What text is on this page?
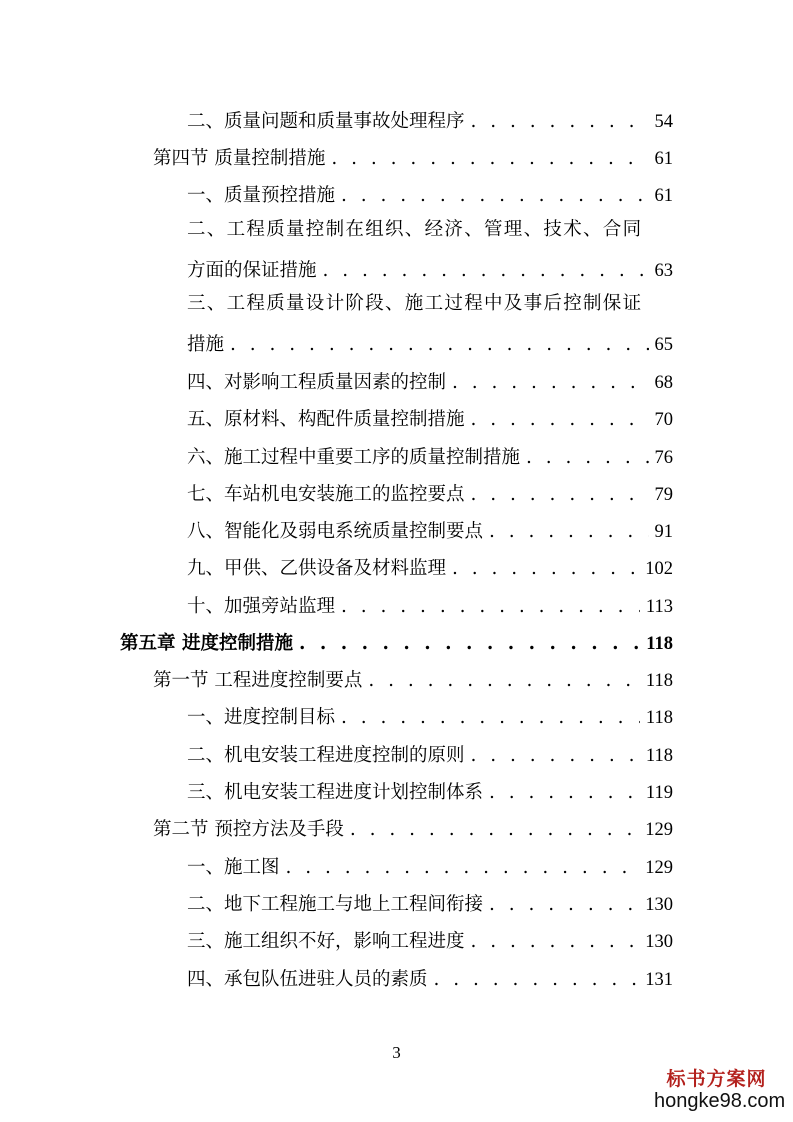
二、质量问题和质量事故处理程序 . . .	54
第四节 质量控制措施 . . .	61
一、质量预控措施 . . .	61
二、工程质量控制在组织、经济、管理、技术、合同
方面的保证措施 . . .	63
三、工程质量设计阶段、施工过程中及事后控制保证
措施 . . .	65
四、对影响工程质量因素的控制 . . .	68
五、原材料、构配件质量控制措施 . . .	70
六、施工过程中重要工序的质量控制措施 . . .	76
七、车站机电安装施工的监控要点 . . .	79
八、智能化及弱电系统质量控制要点 . . .	91
九、甲供、乙供设备及材料监理 . . .	102
十、加强旁站监理 . . .	113
第五章 进度控制措施 . . .	118
第一节 工程进度控制要点 . . .	118
一、进度控制目标 . . .	118
二、机电安装工程进度控制的原则 . . .	118
三、机电安装工程进度计划控制体系 . . .	119
第二节 预控方法及手段 . . .	129
一、施工图 . . .	129
二、地下工程施工与地上工程间衔接 . . .	130
三、施工组织不好，影响工程进度 . . .	130
四、承包队伍进驻人员的素质 . . .	131
3
标书方案网
hongke98.com
